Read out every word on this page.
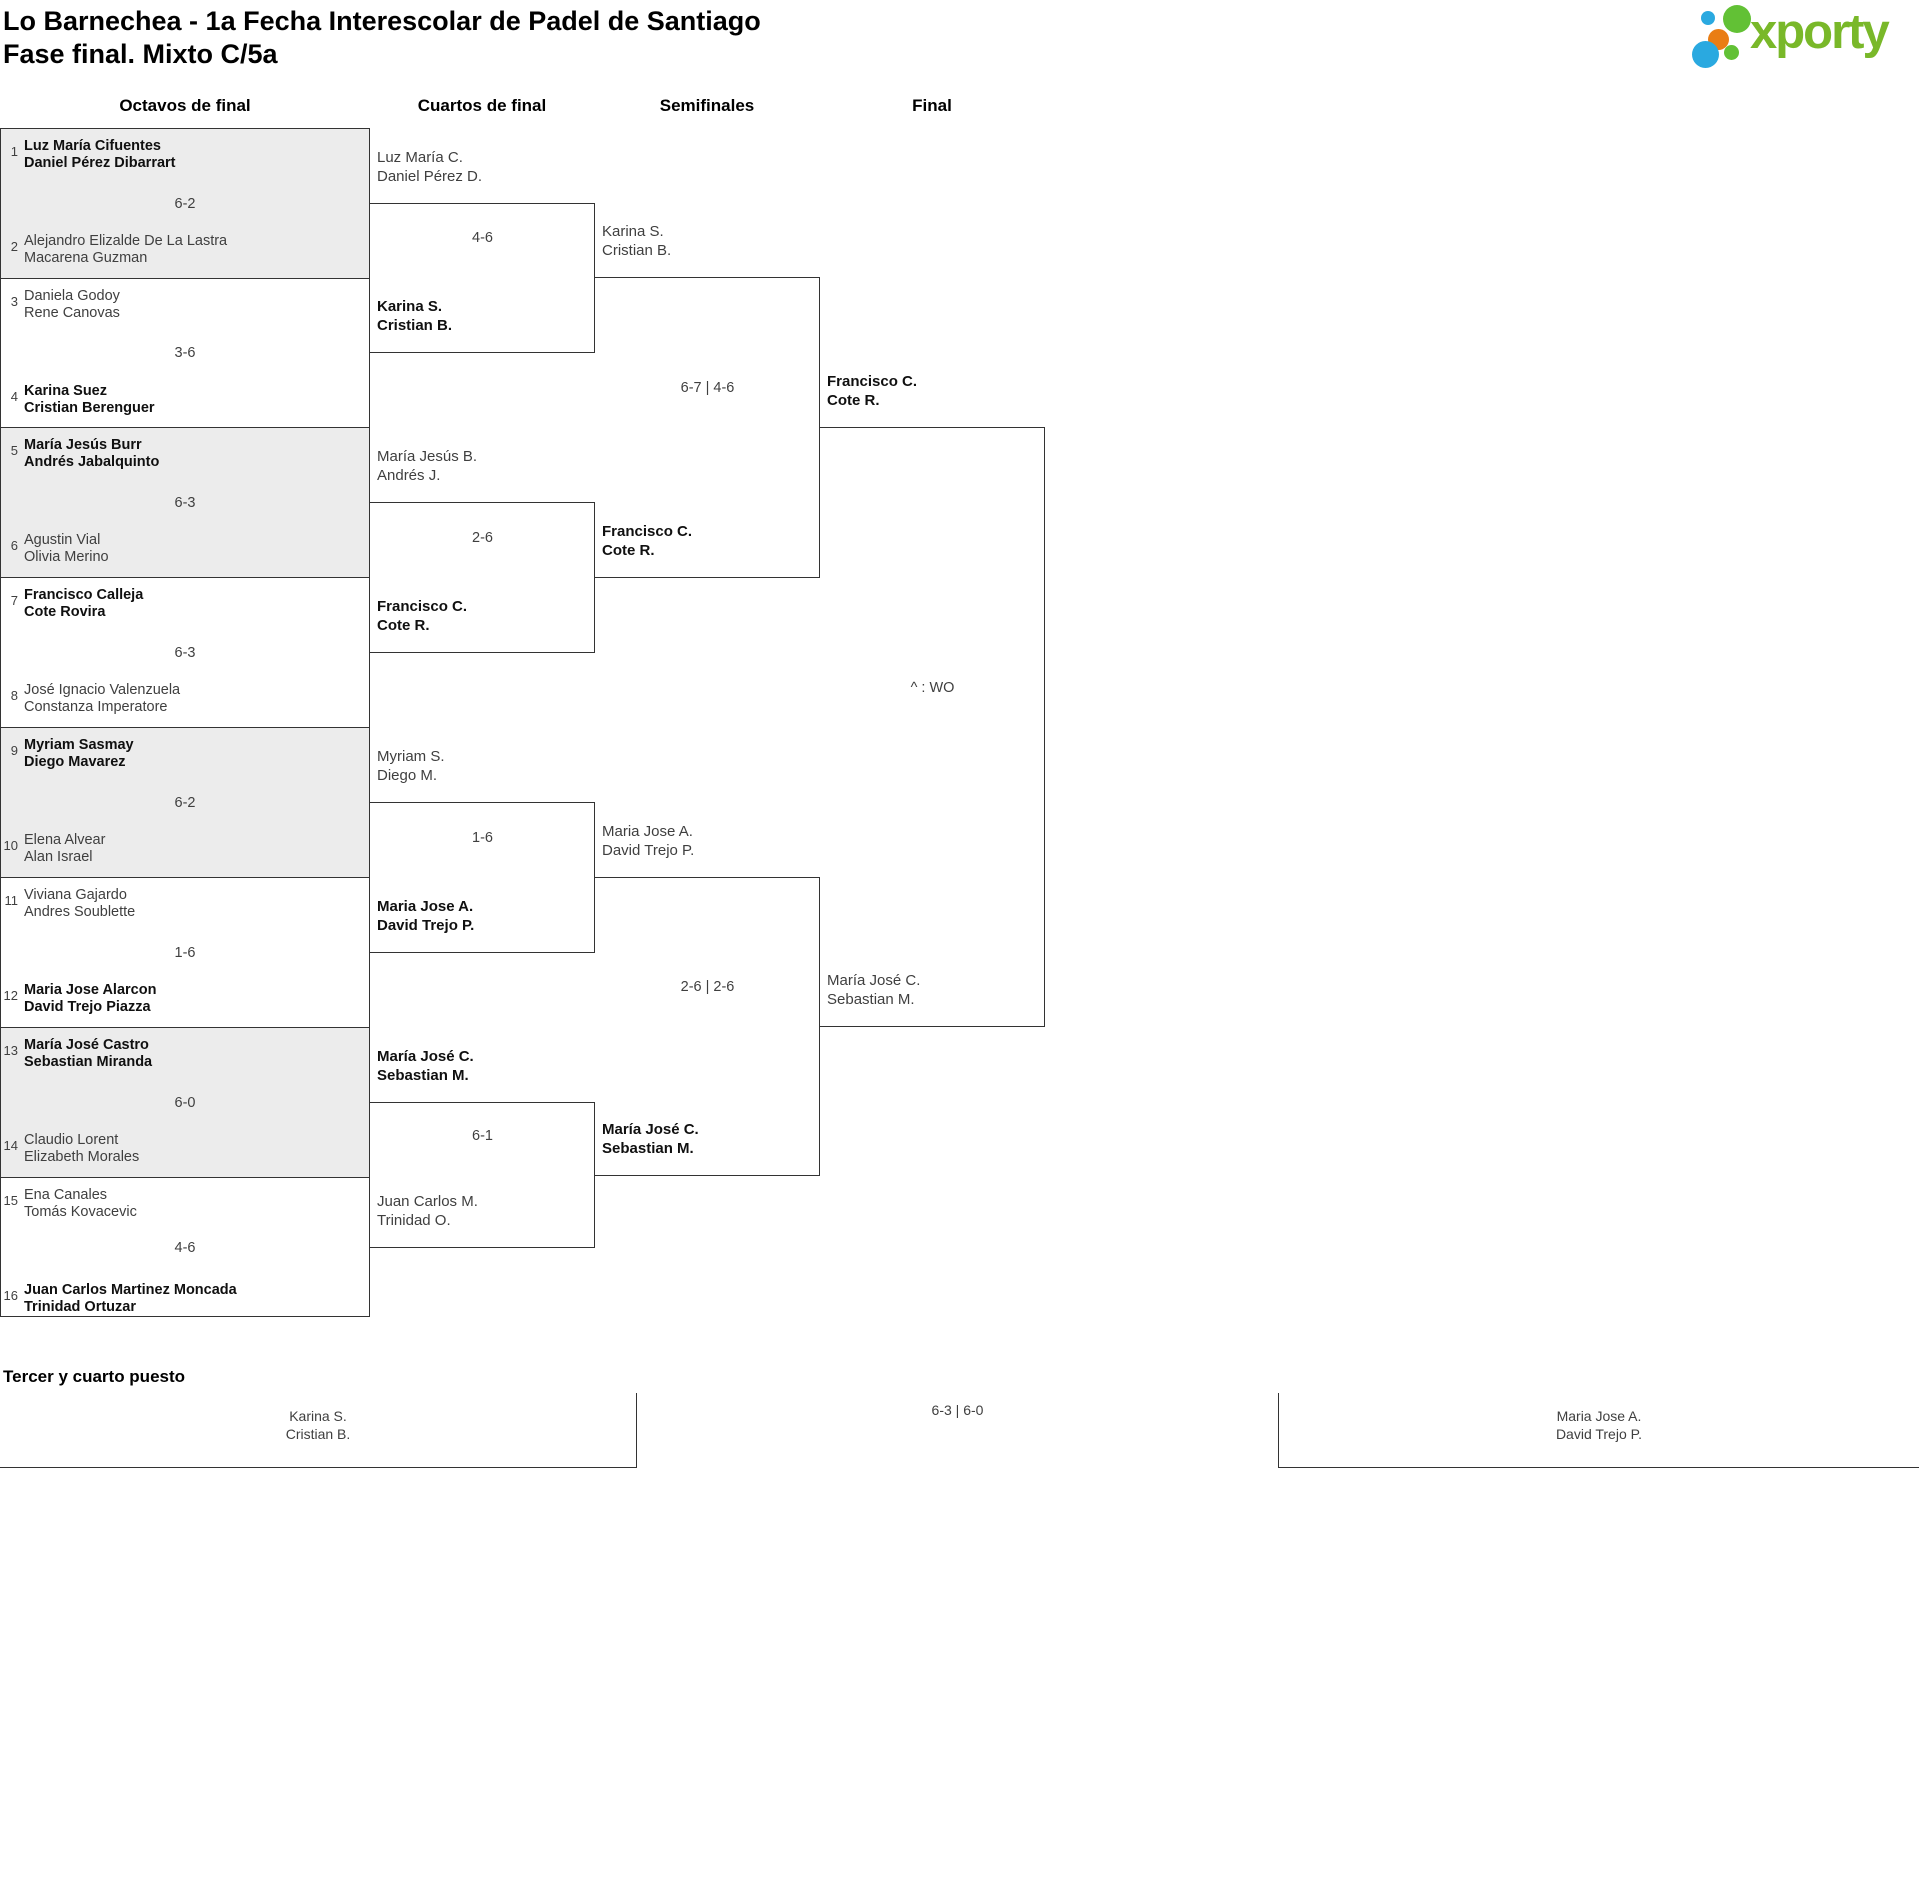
Lo Barnechea - 1a Fecha Interescolar de Padel de Santiago
Fase final. Mixto C/5a	xporty
Octavos de final	Cuartos de final	Semifinales	Final
1 Luz María Cifuentes
Daniel Pérez Dibarrart
6-2
2 Alejandro Elizalde De La Lastra
Macarena Guzman
3 Daniela Godoy
Rene Canovas
3-6
4 Karina Suez
Cristian Berenguer
5 María Jesús Burr
Andrés Jabalquinto
6-3
6 Agustin Vial
Olivia Merino
7 Francisco Calleja
Cote Rovira
6-3
8 José Ignacio Valenzuela
Constanza Imperatore
9 Myriam Sasmay
Diego Mavarez
6-2
10 Elena Alvear
Alan Israel
11 Viviana Gajardo
Andres Soublette
1-6
12 Maria Jose Alarcon
David Trejo Piazza
13 María José Castro
Sebastian Miranda
6-0
14 Claudio Lorent
Elizabeth Morales
15 Ena Canales
Tomás Kovacevic
4-6
16 Juan Carlos Martinez Moncada
Trinidad Ortuzar
Luz María C.
Daniel Pérez D.
4-6
Karina S.
Cristian B.
María Jesús B.
Andrés J.
2-6
Francisco C.
Cote R.
Myriam S.
Diego M.
1-6
Maria Jose A.
David Trejo P.
María José C.
Sebastian M.
6-1
Juan Carlos M.
Trinidad O.
Karina S.
Cristian B.
6-7 | 4-6
Francisco C.
Cote R.
Maria Jose A.
David Trejo P.
2-6 | 2-6
María José C.
Sebastian M.
Francisco C.
Cote R.
^ : WO
María José C.
Sebastian M.
Tercer y cuarto puesto
Karina S.
Cristian B.
6-3 | 6-0	Maria Jose A.
David Trejo P.
